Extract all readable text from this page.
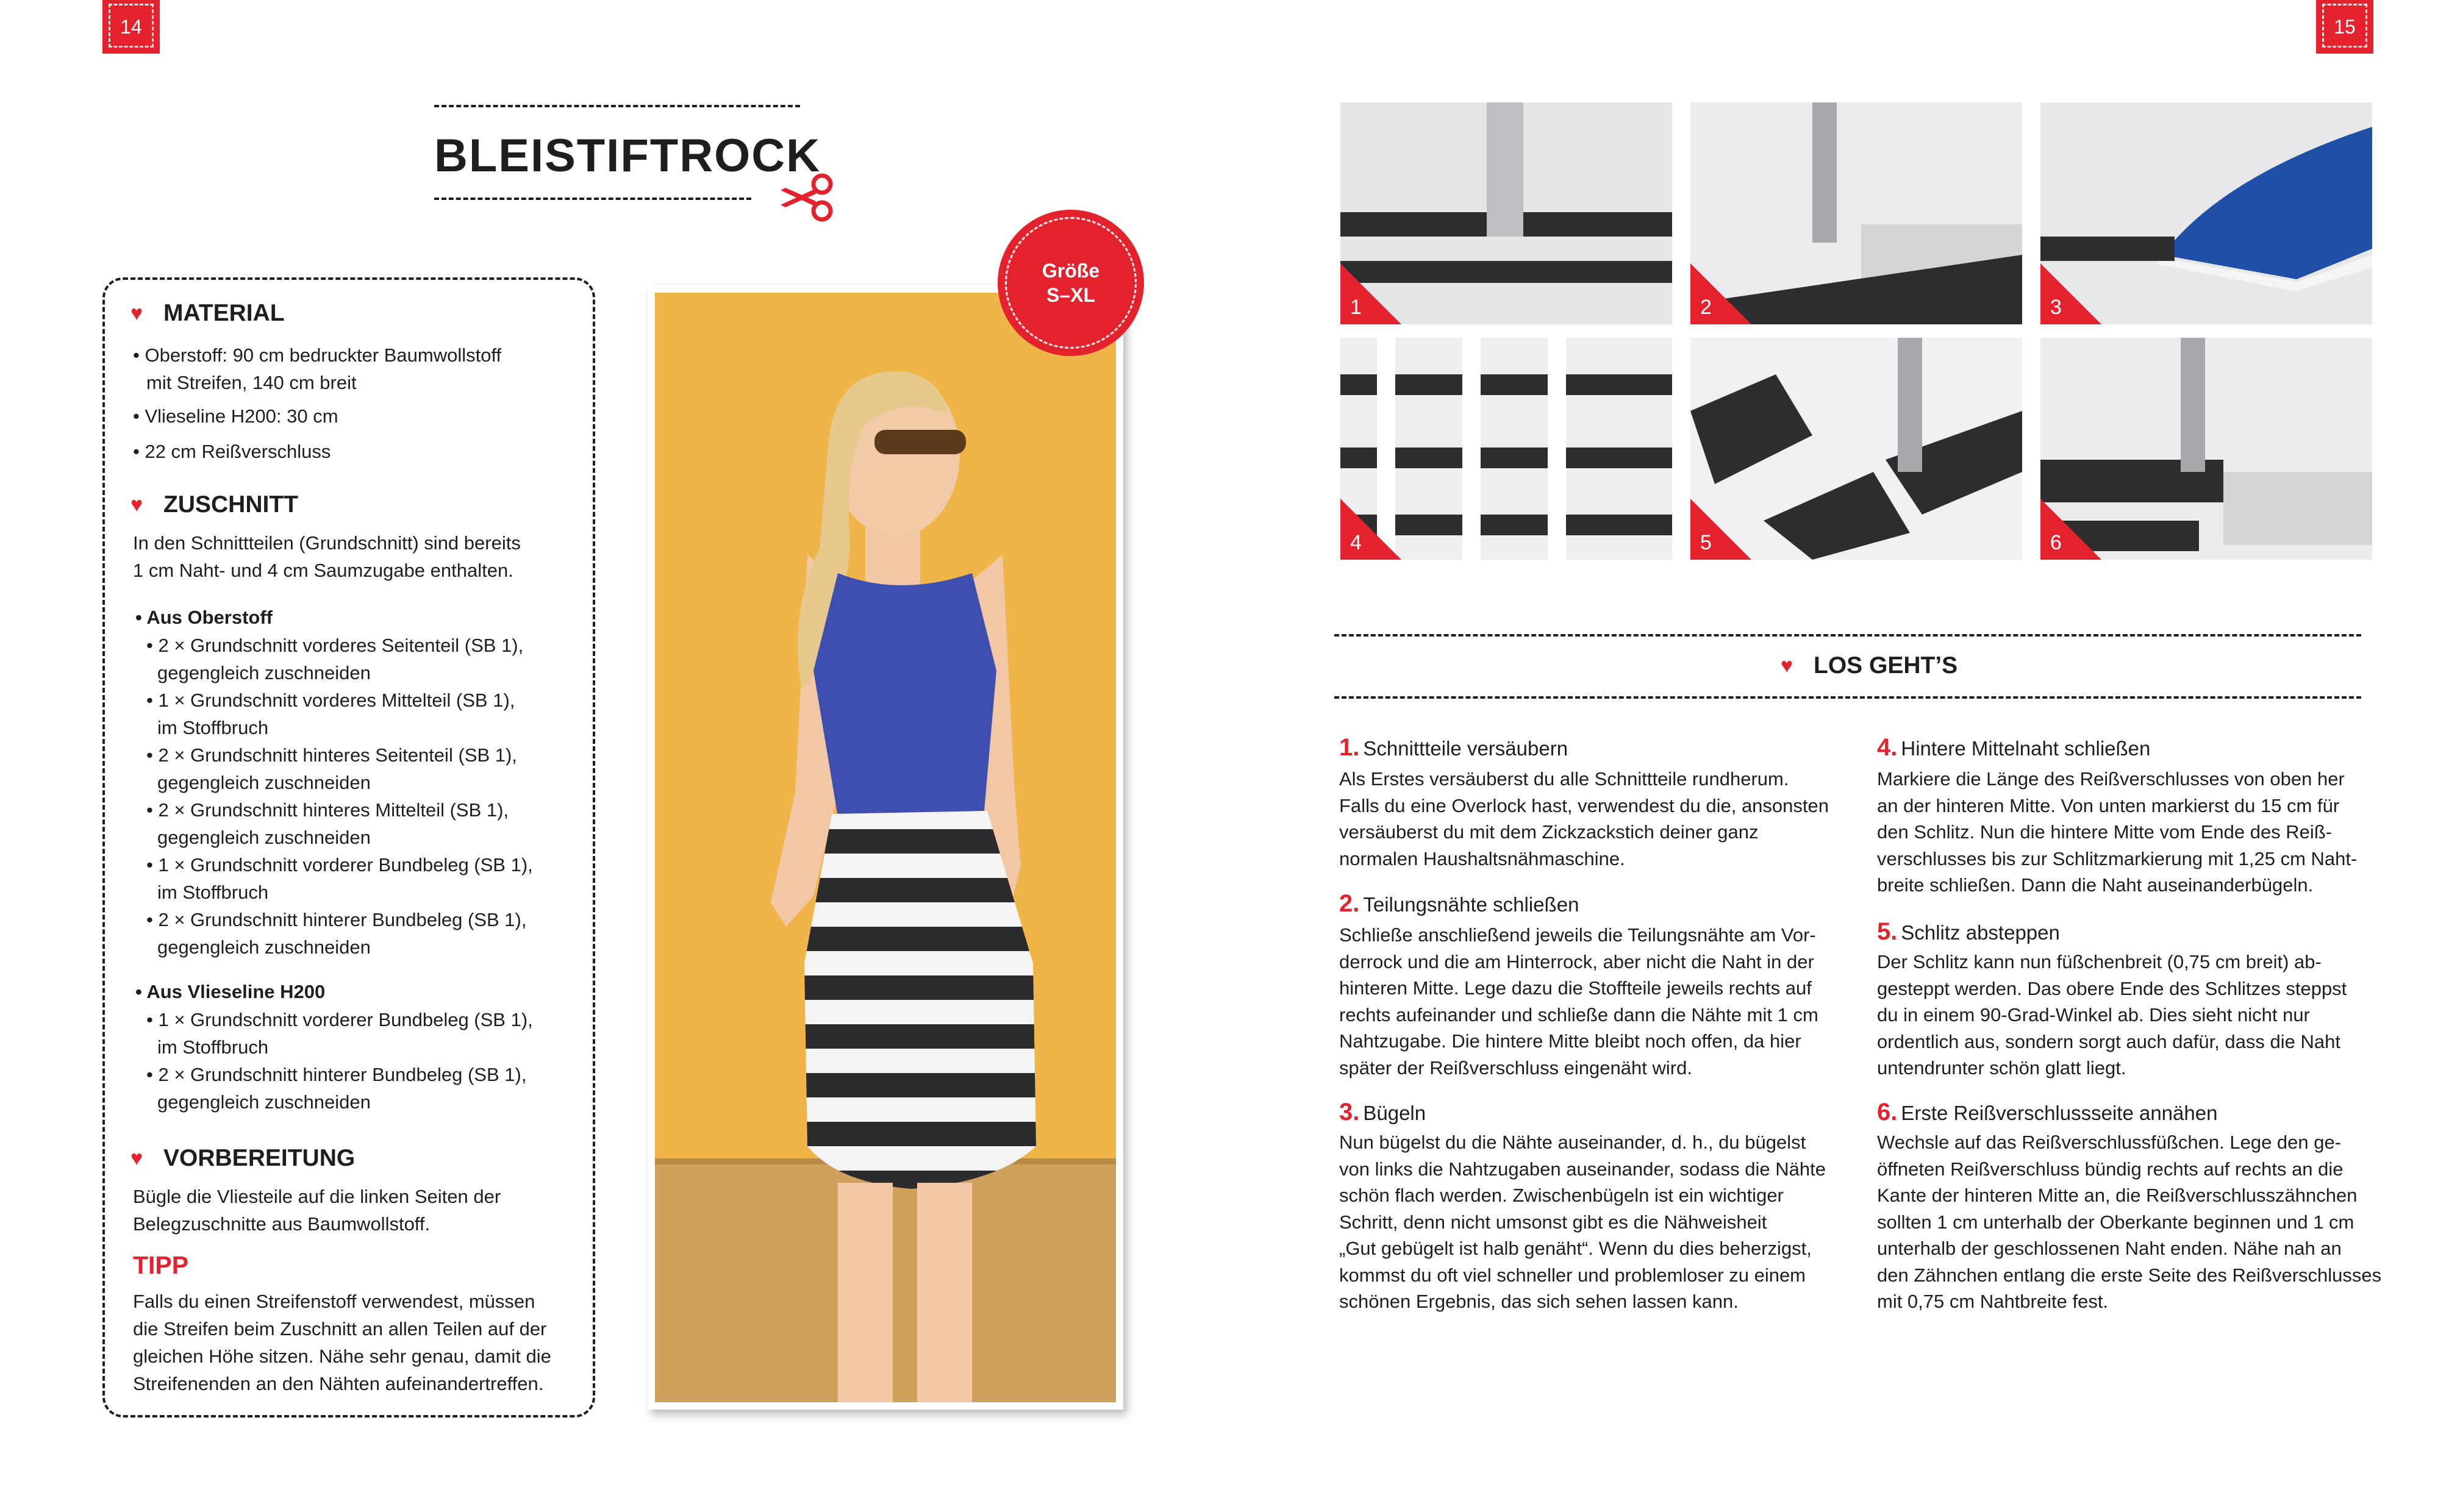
14	15
BLEISTIFTROCK
♥ MATERIAL
• Oberstoff: 90 cm bedruckter Baumwollstoff
mit Streifen, 140 cm breit
• Vlieseline H200: 30 cm
• 22 cm Reißverschluss
♥ ZUSCHNITT
In den Schnittteilen (Grundschnitt) sind bereits
1 cm Naht- und 4 cm Saumzugabe enthalten.
• Aus Oberstoff
• 2 × Grundschnitt vorderes Seitenteil (SB 1),
gegengleich zuschneiden
• 1 × Grundschnitt vorderes Mittelteil (SB 1),
im Stoffbruch
• 2 × Grundschnitt hinteres Seitenteil (SB 1),
gegengleich zuschneiden
• 2 × Grundschnitt hinteres Mittelteil (SB 1),
gegengleich zuschneiden
• 1 × Grundschnitt vorderer Bundbeleg (SB 1),
im Stoffbruch
• 2 × Grundschnitt hinterer Bundbeleg (SB 1),
gegengleich zuschneiden
• Aus Vlieseline H200
• 1 × Grundschnitt vorderer Bundbeleg (SB 1),
im Stoffbruch
• 2 × Grundschnitt hinterer Bundbeleg (SB 1),
gegengleich zuschneiden
♥ VORBEREITUNG
Bügle die Vliesteile auf die linken Seiten der
Belegzuschnitte aus Baumwollstoff.
TIPP
Falls du einen Streifenstoff verwendest, müssen
die Streifen beim Zuschnitt an allen Teilen auf der
gleichen Höhe sitzen. Nähe sehr genau, damit die
Streifenenden an den Nähten aufeinandertreffen.
Größe
S–XL
1	2	3
4	5	6
♥ LOS GEHT’S
1. Schnittteile versäubern
Als Erstes versäuberst du alle Schnittteile rundherum.
Falls du eine Overlock hast, verwendest du die, ansonsten
versäuberst du mit dem Zickzackstich deiner ganz
normalen Haushaltsnähmaschine.
2. Teilungsnähte schließen
Schließe anschließend jeweils die Teilungsnähte am Vor-
derrock und die am Hinterrock, aber nicht die Naht in der
hinteren Mitte. Lege dazu die Stoffteile jeweils rechts auf
rechts aufeinander und schließe dann die Nähte mit 1 cm
Nahtzugabe. Die hintere Mitte bleibt noch offen, da hier
später der Reißverschluss eingenäht wird.
3. Bügeln
Nun bügelst du die Nähte auseinander, d. h., du bügelst
von links die Nahtzugaben auseinander, sodass die Nähte
schön flach werden. Zwischenbügeln ist ein wichtiger
Schritt, denn nicht umsonst gibt es die Nähweisheit
„Gut gebügelt ist halb genäht“. Wenn du dies beherzigst,
kommst du oft viel schneller und problemloser zu einem
schönen Ergebnis, das sich sehen lassen kann.
4. Hintere Mittelnaht schließen
Markiere die Länge des Reißverschlusses von oben her
an der hinteren Mitte. Von unten markierst du 15 cm für
den Schlitz. Nun die hintere Mitte vom Ende des Reiß-
verschlusses bis zur Schlitzmarkierung mit 1,25 cm Naht-
breite schließen. Dann die Naht auseinanderbügeln.
5. Schlitz absteppen
Der Schlitz kann nun füßchenbreit (0,75 cm breit) ab-
gesteppt werden. Das obere Ende des Schlitzes steppst
du in einem 90-Grad-Winkel ab. Dies sieht nicht nur
ordentlich aus, sondern sorgt auch dafür, dass die Naht
untendrunter schön glatt liegt.
6. Erste Reißverschlussseite annähen
Wechsle auf das Reißverschlussfüßchen. Lege den ge-
öffneten Reißverschluss bündig rechts auf rechts an die
Kante der hinteren Mitte an, die Reißverschlusszähnchen
sollten 1 cm unterhalb der Oberkante beginnen und 1 cm
unterhalb der geschlossenen Naht enden. Nähe nah an
den Zähnchen entlang die erste Seite des Reißverschlusses
mit 0,75 cm Nahtbreite fest.
